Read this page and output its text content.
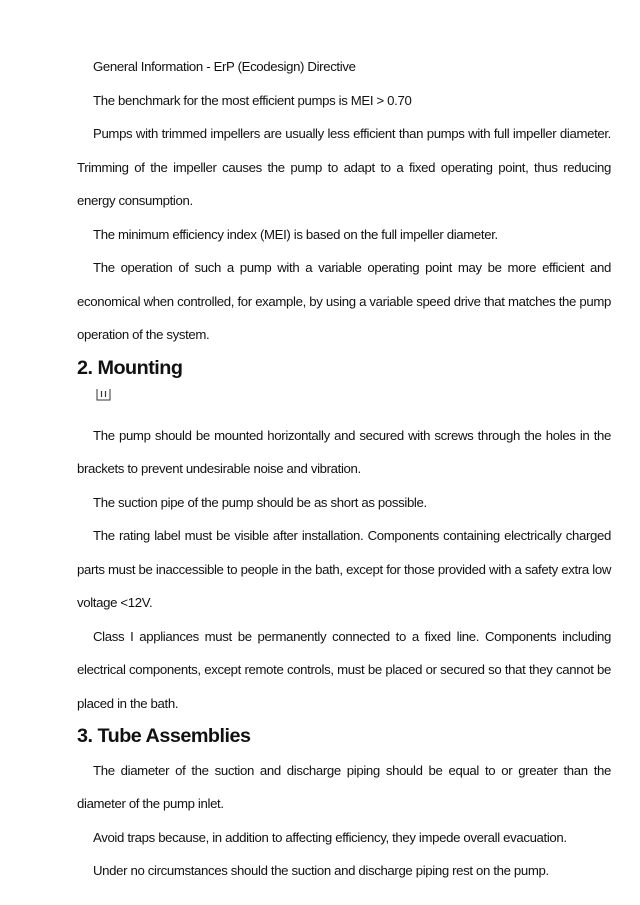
General Information - ErP (Ecodesign) Directive

The benchmark for the most efficient pumps is MEI > 0.70

Pumps with trimmed impellers are usually less efficient than pumps with full impeller diameter. Trimming of the impeller causes the pump to adapt to a fixed operating point, thus reducing energy consumption.

The minimum efficiency index (MEI) is based on the full impeller diameter.

The operation of such a pump with a variable operating point may be more efficient and economical when controlled, for example, by using a variable speed drive that matches the pump operation of the system.

2. Mounting

The pump should be mounted horizontally and secured with screws through the holes in the brackets to prevent undesirable noise and vibration.

The suction pipe of the pump should be as short as possible.

The rating label must be visible after installation. Components containing electrically charged parts must be inaccessible to people in the bath, except for those provided with a safety extra low voltage <12V.

Class I appliances must be permanently connected to a fixed line. Components including electrical components, except remote controls, must be placed or secured so that they cannot be placed in the bath.

3. Tube Assemblies

The diameter of the suction and discharge piping should be equal to or greater than the diameter of the pump inlet.

Avoid traps because, in addition to affecting efficiency, they impede overall evacuation.

Under no circumstances should the suction and discharge piping rest on the pump.
